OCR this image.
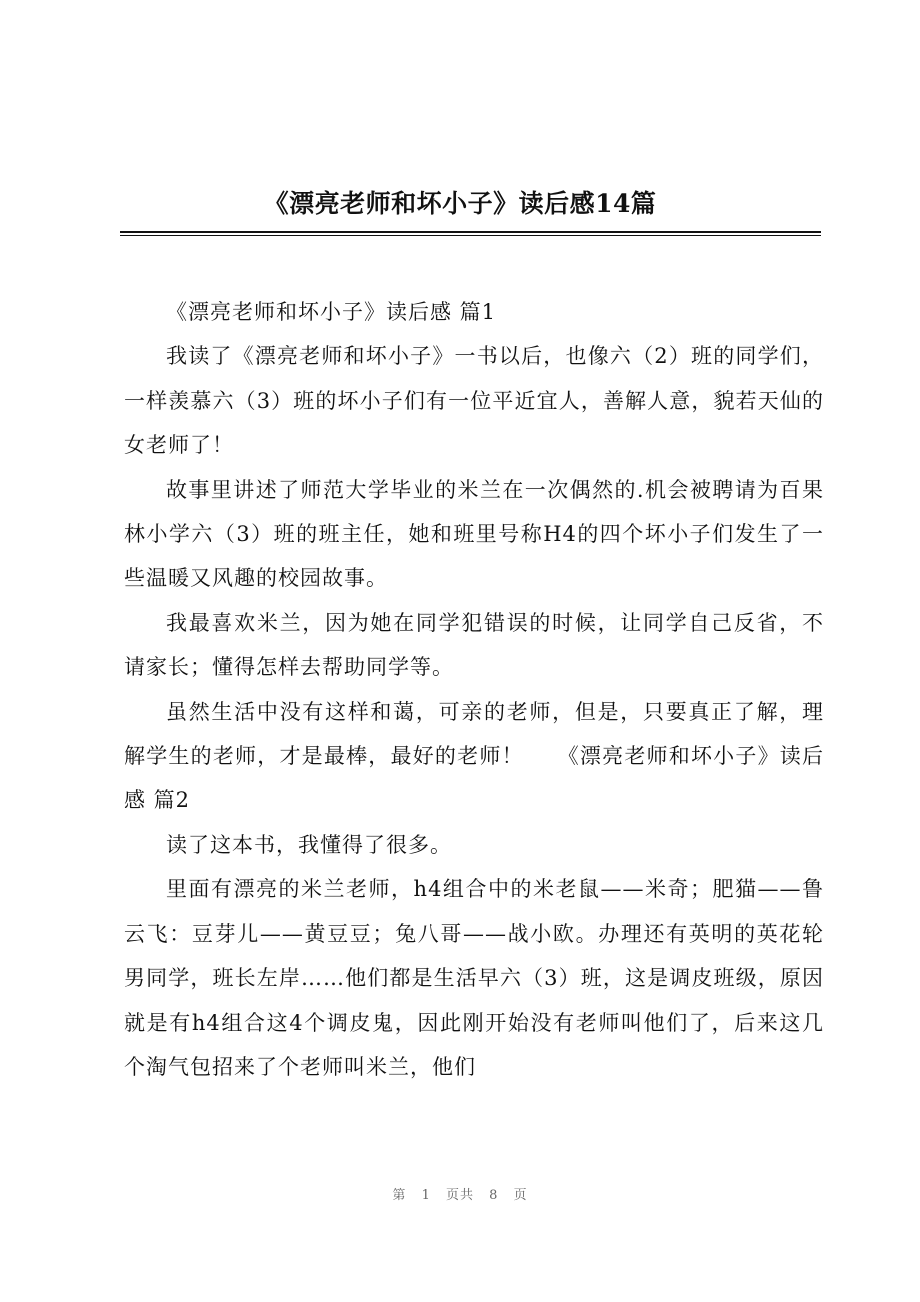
《漂亮老师和坏小子》读后感14篇

《漂亮老师和坏小子》读后感 篇1

我读了《漂亮老师和坏小子》一书以后，也像六（2）班的同学们，一样羡慕六（3）班的坏小子们有一位平近宜人，善解人意，貌若天仙的女老师了！

故事里讲述了师范大学毕业的米兰在一次偶然的.机会被聘请为百果林小学六（3）班的班主任，她和班里号称H4的四个坏小子们发生了一些温暖又风趣的校园故事。

我最喜欢米兰，因为她在同学犯错误的时候，让同学自己反省，不请家长；懂得怎样去帮助同学等。

虽然生活中没有这样和蔼，可亲的老师，但是，只要真正了解，理解学生的老师，才是最棒，最好的老师！　　《漂亮老师和坏小子》读后感 篇2

读了这本书，我懂得了很多。

里面有漂亮的米兰老师，h4组合中的米老鼠——米奇；肥猫——鲁云飞：豆芽儿——黄豆豆；兔八哥——战小欧。办理还有英明的英花轮男同学，班长左岸……他们都是生活早六（3）班，这是调皮班级，原因就是有h4组合这4个调皮鬼，因此刚开始没有老师叫他们了，后来这几个淘气包招来了个老师叫米兰，他们

第 1 页共 8 页
